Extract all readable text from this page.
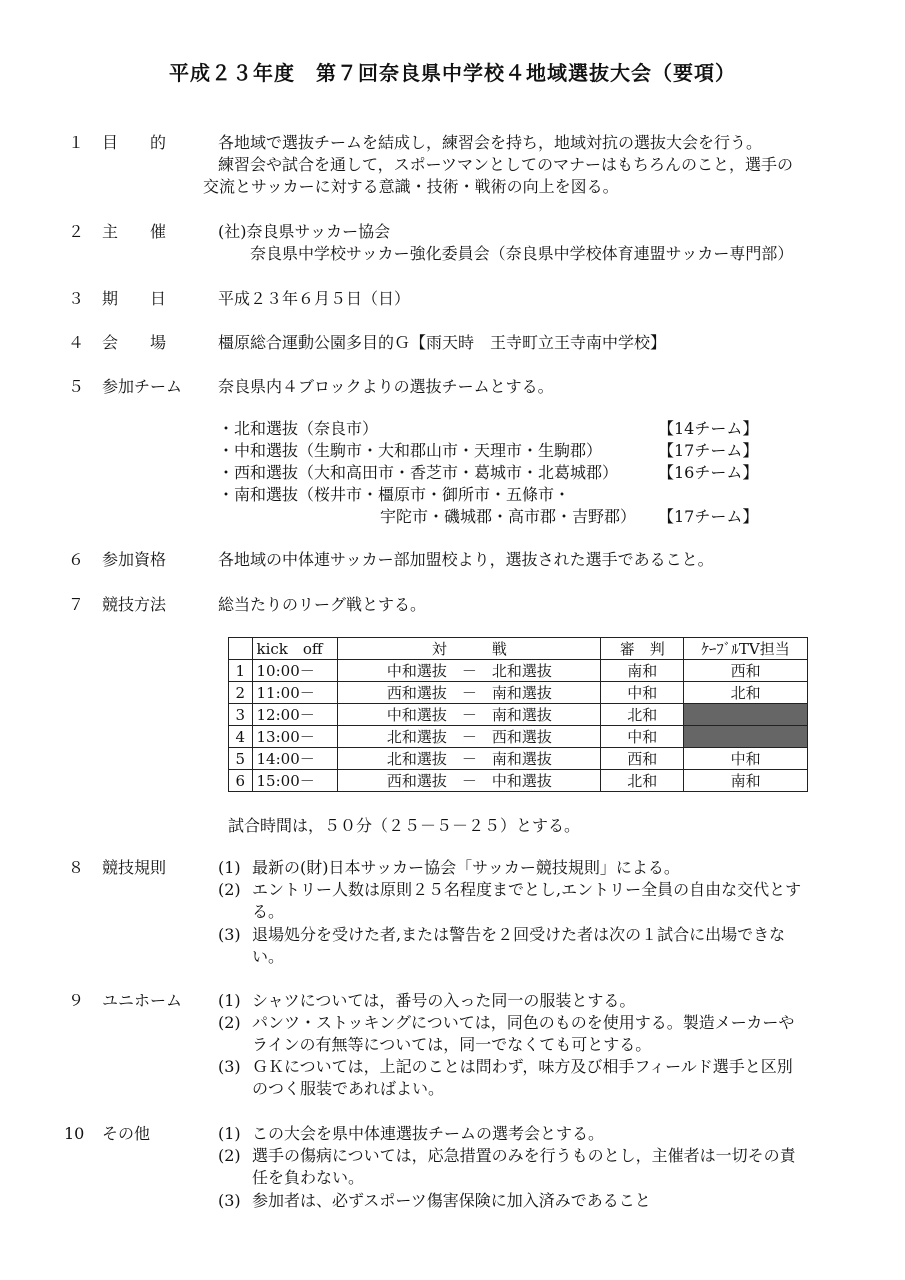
平成２３年度　第７回奈良県中学校４地域選抜大会（要項）
１	目　　的	各地域で選抜チームを結成し，練習会を持ち，地域対抗の選抜大会を行う。
練習会や試合を通して，スポーツマンとしてのマナーはもちろんのこと，選手の
交流とサッカーに対する意識・技術・戦術の向上を図る。
２	主　　催	(社)奈良県サッカー協会
奈良県中学校サッカー強化委員会（奈良県中学校体育連盟サッカー専門部）
３	期　　日	平成２３年６月５日（日）
４	会　　場	橿原総合運動公園多目的Ｇ【雨天時　王寺町立王寺南中学校】
５	参加チーム 奈良県内４ブロックよりの選抜チームとする。
・北和選抜（奈良市）	【14チーム】
・中和選抜（生駒市・大和郡山市・天理市・生駒郡）	【17チーム】
・西和選抜（大和高田市・香芝市・葛城市・北葛城郡） 【16チーム】
・南和選抜（桜井市・橿原市・御所市・五條市・
宇陀市・磯城郡・高市郡・吉野郡） 【17チーム】
６	参加資格	各地域の中体連サッカー部加盟校より，選抜された選手であること。
７	競技方法	総当たりのリーグ戦とする。
	kick　off	対　　　戦	審　判	ｹｰﾌﾞﾙTV担当
1	10:00－	中和選抜　－　北和選抜	南和	西和
2	11:00－	西和選抜　－　南和選抜	中和	北和
3	12:00－	中和選抜　－　南和選抜	北和	
4	13:00－	北和選抜　－　西和選抜	中和	
5	14:00－	北和選抜　－　南和選抜	西和	中和
6	15:00－	西和選抜　－　中和選抜	北和	南和
試合時間は，５０分（２５－５－２５）とする。
８	競技規則	(1) 最新の(財)日本サッカー協会「サッカー競技規則」による。
(2) エントリー人数は原則２５名程度までとし,エントリー全員の自由な交代とす
る。
(3) 退場処分を受けた者,または警告を２回受けた者は次の１試合に出場できな
い。
９	ユニホーム (1) シャツについては，番号の入った同一の服装とする。
(2) パンツ・ストッキングについては，同色のものを使用する。製造メーカーや
ラインの有無等については，同一でなくても可とする。
(3) ＧＫについては，上記のことは問わず，味方及び相手フィールド選手と区別
のつく服装であればよい。
10	その他	(1) この大会を県中体連選抜チームの選考会とする。
(2) 選手の傷病については，応急措置のみを行うものとし，主催者は一切その責
任を負わない。
(3) 参加者は、必ずスポーツ傷害保険に加入済みであること
